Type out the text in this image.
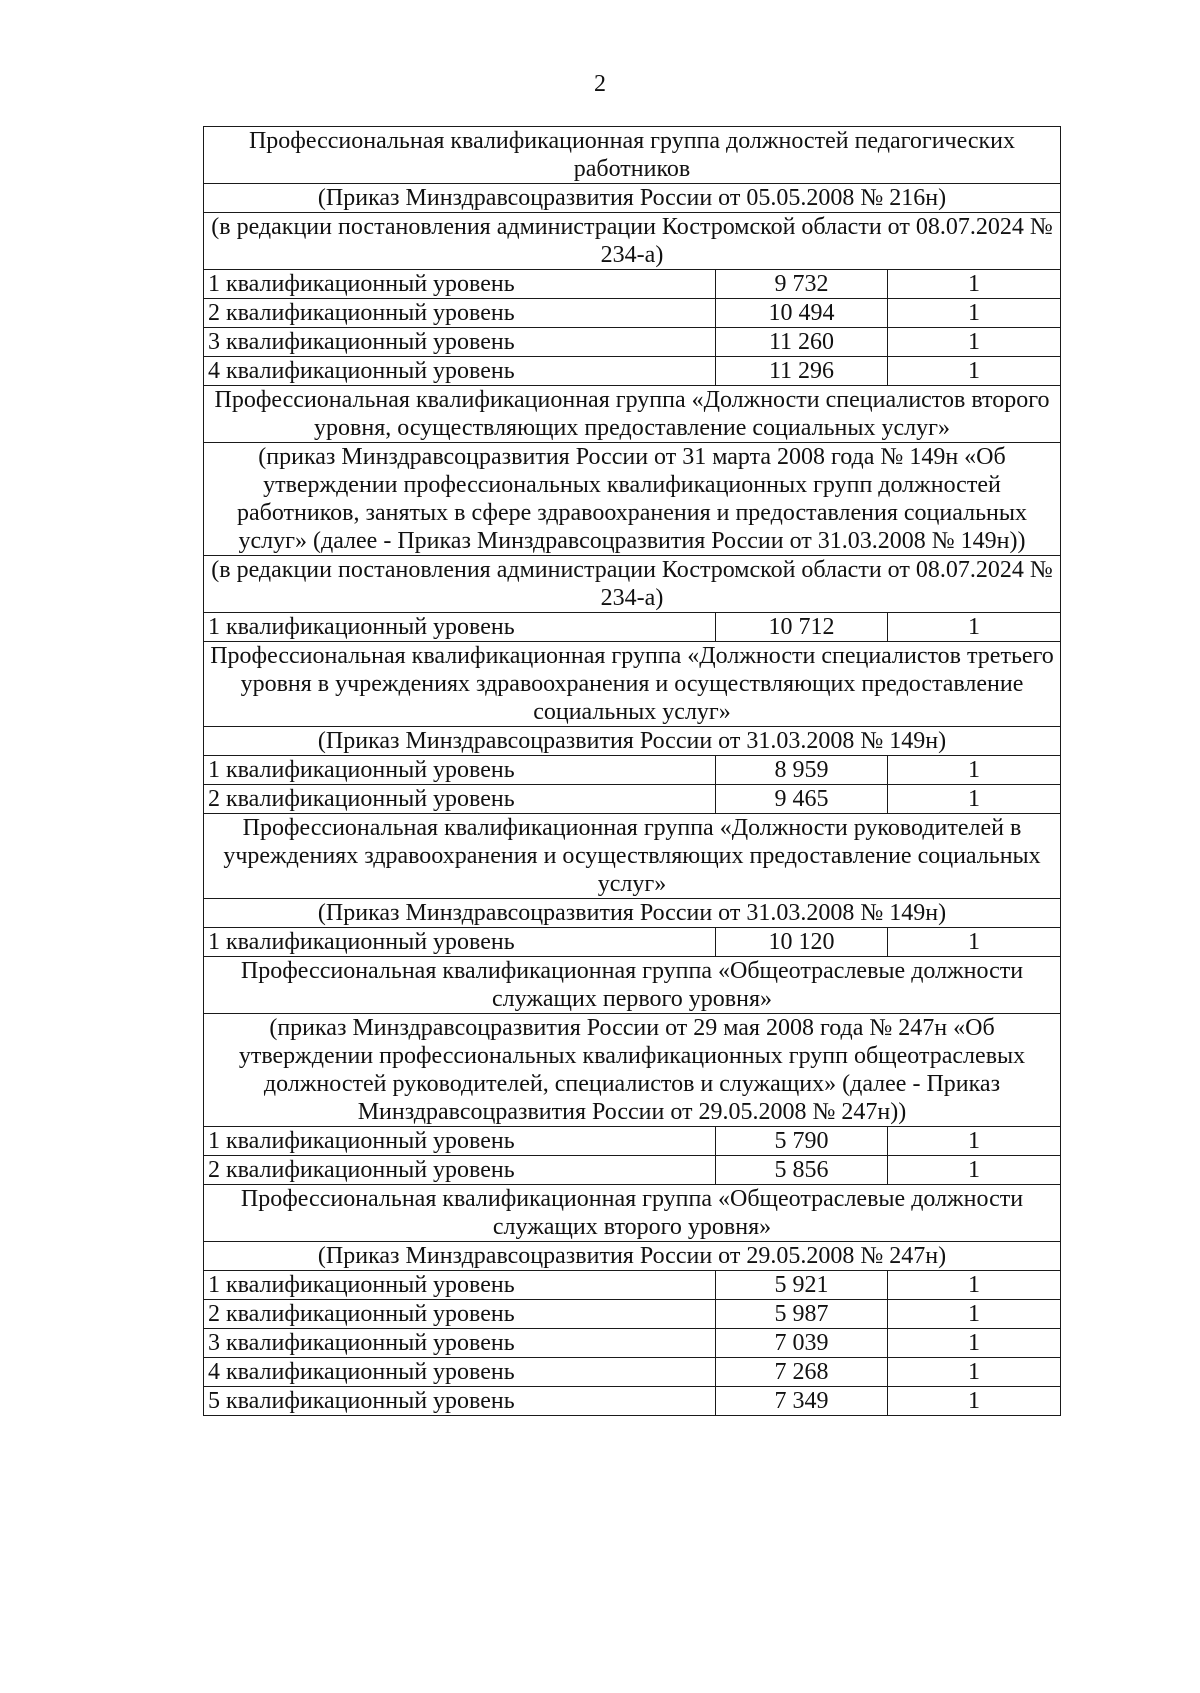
2
Профессиональная квалификационная группа должностей педагогических работников		
(Приказ Минздравсоцразвития России от 05.05.2008 № 216н)		
(в редакции постановления администрации Костромской области от 08.07.2024 № 234-а)		
1 квалификационный уровень	9 732	1
2 квалификационный уровень	10 494	1
3 квалификационный уровень	11 260	1
4 квалификационный уровень	11 296	1
Профессиональная квалификационная группа «Должности специалистов второго уровня, осуществляющих предоставление социальных услуг»		
(приказ Минздравсоцразвития России от 31 марта 2008 года № 149н «Об утверждении профессиональных квалификационных групп должностей работников, занятых в сфере здравоохранения и предоставления социальных услуг» (далее - Приказ Минздравсоцразвития России от 31.03.2008 № 149н))		
(в редакции постановления администрации Костромской области от 08.07.2024 № 234-а)		
1 квалификационный уровень	10 712	1
Профессиональная квалификационная группа «Должности специалистов третьего уровня в учреждениях здравоохранения и осуществляющих предоставление социальных услуг»		
(Приказ Минздравсоцразвития России от 31.03.2008 № 149н)		
1 квалификационный уровень	8 959	1
2 квалификационный уровень	9 465	1
Профессиональная квалификационная группа «Должности руководителей в учреждениях здравоохранения и осуществляющих предоставление социальных услуг»		
(Приказ Минздравсоцразвития России от 31.03.2008 № 149н)		
1 квалификационный уровень	10 120	1
Профессиональная квалификационная группа «Общеотраслевые должности служащих первого уровня»		
(приказ Минздравсоцразвития России от 29 мая 2008 года № 247н «Об утверждении профессиональных квалификационных групп общеотраслевых должностей руководителей, специалистов и служащих» (далее - Приказ Минздравсоцразвития России от 29.05.2008 № 247н))		
1 квалификационный уровень	5 790	1
2 квалификационный уровень	5 856	1
Профессиональная квалификационная группа «Общеотраслевые должности служащих второго уровня»		
(Приказ Минздравсоцразвития России от 29.05.2008 № 247н)		
1 квалификационный уровень	5 921	1
2 квалификационный уровень	5 987	1
3 квалификационный уровень	7 039	1
4 квалификационный уровень	7 268	1
5 квалификационный уровень	7 349	1
